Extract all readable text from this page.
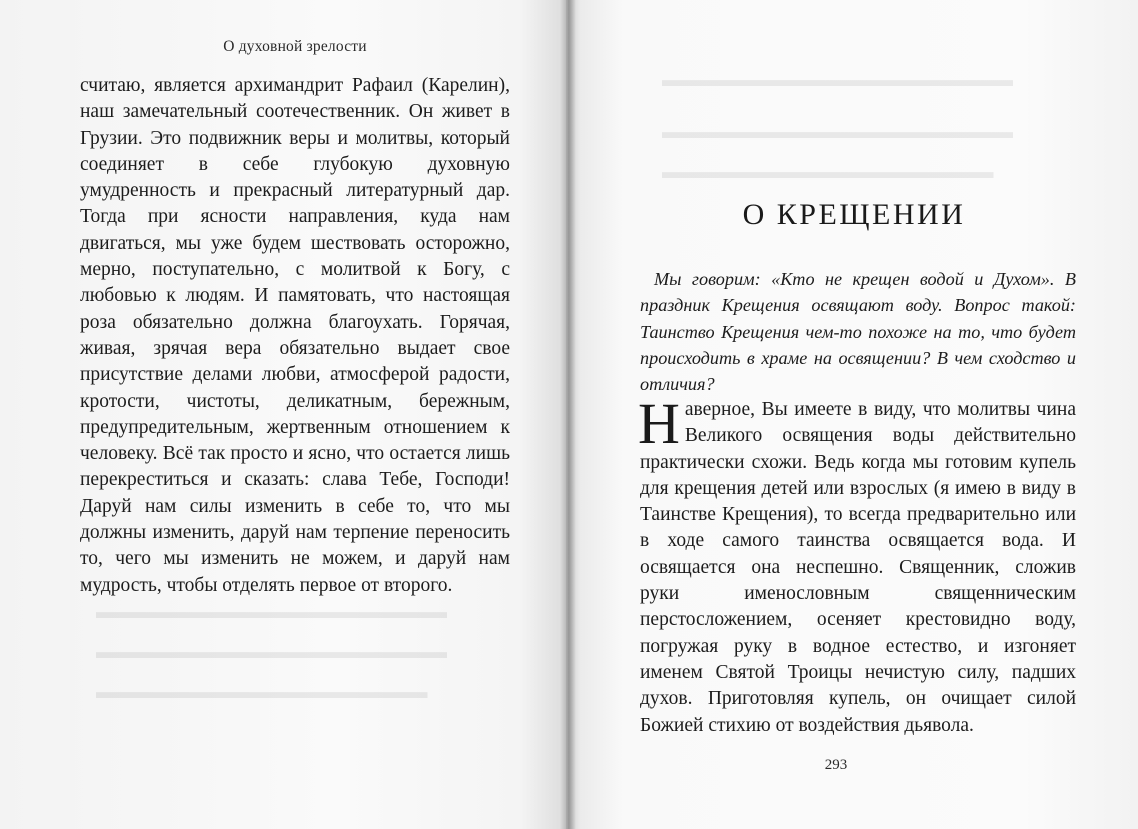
▬▬▬▬▬▬▬▬▬▬▬▬▬▬▬▬▬▬
▬▬▬▬▬▬▬▬▬▬▬▬▬▬▬▬▬▬
▬▬▬▬▬▬▬▬▬▬▬▬▬▬▬▬▬
О духовной зрелости

считаю, является архимандрит Рафаил (Карелин), наш замечательный соотечественник. Он живет в Грузии. Это подвижник веры и молитвы, который соединяет в себе глубокую духовную умудренность и прекрасный литературный дар. Тогда при ясности направления, куда нам двигаться, мы уже будем шествовать осторожно, мерно, поступательно, с молитвой к Богу, с любовью к людям. И памятовать, что настоящая роза обязательно должна благоухать. Горячая, живая, зрячая вера обязательно выдает свое присутствие делами любви, атмосферой радости, кротости, чистоты, деликатным, бережным, предупредительным, жертвенным отношением к человеку. Всё так просто и ясно, что остается лишь перекреститься и сказать: слава Тебе, Господи! Даруй нам силы изменить в себе то, что мы должны изменить, даруй нам терпение переносить то, чего мы изменить не можем, и даруй нам мудрость, чтобы отделять первое от второго.

▬▬▬▬▬▬▬▬▬▬▬▬▬▬▬▬▬▬
▬▬▬▬▬▬▬▬▬▬▬▬▬▬▬▬▬▬
▬▬▬▬▬▬▬▬▬▬▬▬▬▬▬▬▬
О КРЕЩЕНИИ

Мы говорим: «Кто не крещен водой и Духом». В праздник Крещения освящают воду. Вопрос такой: Таинство Крещения чем-то похоже на то, что будет происходить в храме на освящении? В чем сходство и отличия?

Наверное, Вы имеете в виду, что молитвы чина Великого освящения воды действительно практически схожи. Ведь когда мы готовим купель для крещения детей или взрослых (я имею в виду в Таинстве Крещения), то всегда предварительно или в ходе самого таинства освящается вода. И освящается она неспешно. Священник, сложив руки именословным священническим перстосложением, осеняет крестовидно воду, погружая руку в водное естество, и изгоняет именем Святой Троицы нечистую силу, падших духов. Приготовляя купель, он очищает силой Божией стихию от воздействия дьявола.

293
